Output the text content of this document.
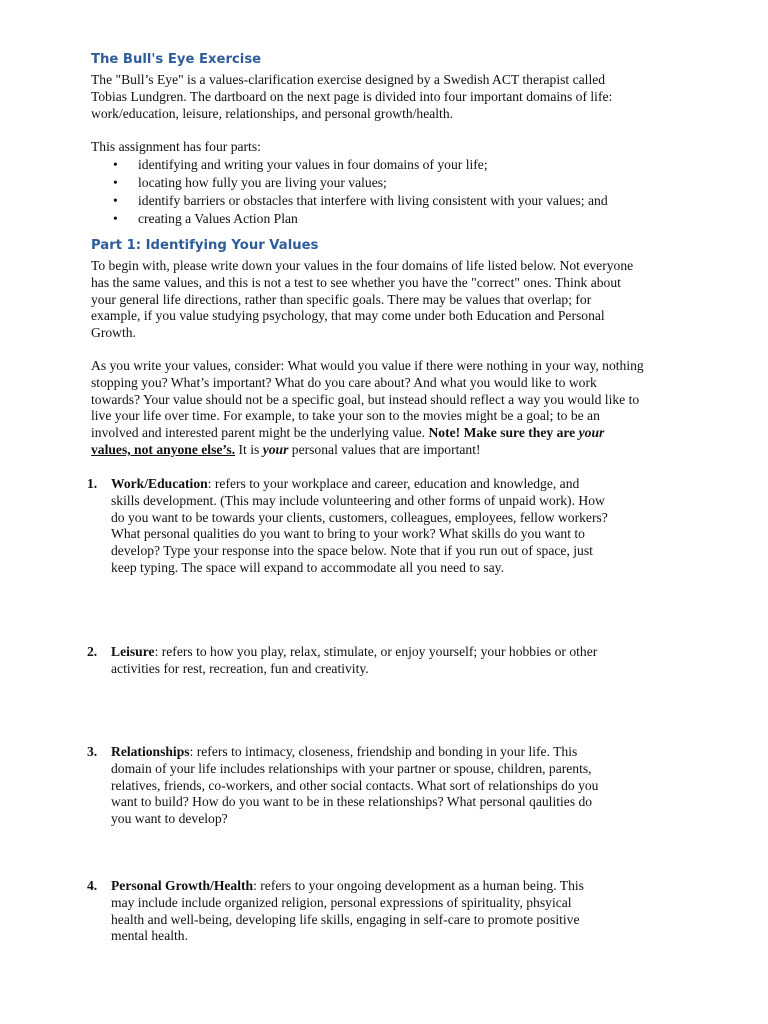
The Bull's Eye Exercise

The "Bull’s Eye" is a values-clarification exercise designed by a Swedish ACT therapist called
Tobias Lundgren. The dartboard on the next page is divided into four important domains of life:
work/education, leisure, relationships, and personal growth/health.

This assignment has four parts:

• identifying and writing your values in four domains of your life;
• locating how fully you are living your values;
• identify barriers or obstacles that interfere with living consistent with your values; and
• creating a Values Action Plan
Part 1: Identifying Your Values

To begin with, please write down your values in the four domains of life listed below. Not everyone
has the same values, and this is not a test to see whether you have the "correct" ones. Think about
your general life directions, rather than specific goals. There may be values that overlap; for
example, if you value studying psychology, that may come under both Education and Personal
Growth.

As you write your values, consider: What would you value if there were nothing in your way, nothing
stopping you? What’s important? What do you care about? And what you would like to work
towards? Your value should not be a specific goal, but instead should reflect a way you would like to
live your life over time. For example, to take your son to the movies might be a goal; to be an
involved and interested parent might be the underlying value. Note! Make sure they are your
values, not anyone else’s. It is your personal values that are important!

1. Work/Education: refers to your workplace and career, education and knowledge, and
skills development. (This may include volunteering and other forms of unpaid work). How
do you want to be towards your clients, customers, colleagues, employees, fellow workers?
What personal qualities do you want to bring to your work? What skills do you want to
develop? Type your response into the space below. Note that if you run out of space, just
keep typing. The space will expand to accommodate all you need to say.
2. Leisure: refers to how you play, relax, stimulate, or enjoy yourself; your hobbies or other
activities for rest, recreation, fun and creativity.
3. Relationships: refers to intimacy, closeness, friendship and bonding in your life. This
domain of your life includes relationships with your partner or spouse, children, parents,
relatives, friends, co-workers, and other social contacts. What sort of relationships do you
want to build? How do you want to be in these relationships? What personal qaulities do
you want to develop?
4. Personal Growth/Health: refers to your ongoing development as a human being. This
may include include organized religion, personal expressions of spirituality, phsyical
health and well-being, developing life skills, engaging in self-care to promote positive
mental health.
